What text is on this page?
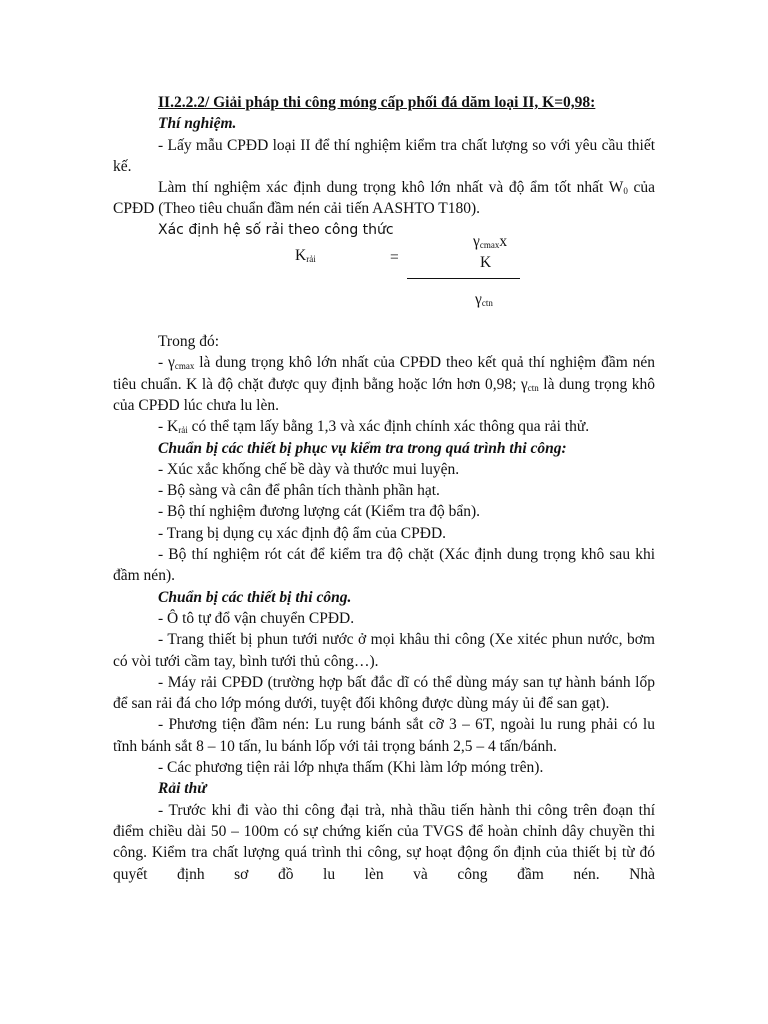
II.2.2.2/ Giải pháp thi công móng cấp phối đá dăm loại II, K=0,98:

Thí nghiệm.

- Lấy mẫu CPĐD loại II để thí nghiệm kiểm tra chất lượng so với yêu cầu thiết kế.

Làm thí nghiệm xác định dung trọng khô lớn nhất và độ ẩm tốt nhất $W_0$ của CPĐD (Theo tiêu chuẩn đầm nén cải tiến AASHTO T180).

Xác định hệ số rải theo công thức

$K_{rải}$	=
$\gamma_{cmax}x$
K
$\gamma_{ctn}$

Trong đó:

- $\gamma_{cmax}$ là dung trọng khô lớn nhất của CPĐD theo kết quả thí nghiệm đầm nén tiêu chuẩn. K là độ chặt được quy định bằng hoặc lớn hơn 0,98; $\gamma_{ctn}$ là dung trọng khô của CPĐD lúc chưa lu lèn.

- $K_{rải}$ có thể tạm lấy bằng 1,3 và xác định chính xác thông qua rải thử.

Chuẩn bị các thiết bị phục vụ kiểm tra trong quá trình thi công:

- Xúc xắc khống chế bề dày và thước mui luyện.

- Bộ sàng và cân để phân tích thành phần hạt.

- Bộ thí nghiệm đương lượng cát (Kiểm tra độ bẩn).

- Trang bị dụng cụ xác định độ ẩm của CPĐD.

- Bộ thí nghiệm rót cát để kiểm tra độ chặt (Xác định dung trọng khô sau khi đầm nén).

Chuẩn bị các thiết bị thi công.

- Ô tô tự đổ vận chuyển CPĐD.

- Trang thiết bị phun tưới nước ở mọi khâu thi công (Xe xitéc phun nước, bơm có vòi tưới cầm tay, bình tưới thủ công…).

- Máy rải CPĐD (trường hợp bất đắc dĩ có thể dùng máy san tự hành bánh lốp để san rải đá cho lớp móng dưới, tuyệt đối không được dùng máy ủi để san gạt).

- Phương tiện đầm nén: Lu rung bánh sắt cỡ 3 – 6T, ngoài lu rung phải có lu tĩnh bánh sắt 8 – 10 tấn, lu bánh lốp với tải trọng bánh 2,5 – 4 tấn/bánh.

- Các phương tiện rải lớp nhựa thấm (Khi làm lớp móng trên).

Rải thử

- Trước khi đi vào thi công đại trà, nhà thầu tiến hành thi công trên đoạn thí điểm chiều dài 50 – 100m có sự chứng kiến của TVGS để hoàn chỉnh dây chuyền thi công. Kiểm tra chất lượng quá trình thi công, sự hoạt động ổn định của thiết bị từ đó quyết định sơ đồ lu lèn và công đầm nén. Nhà
